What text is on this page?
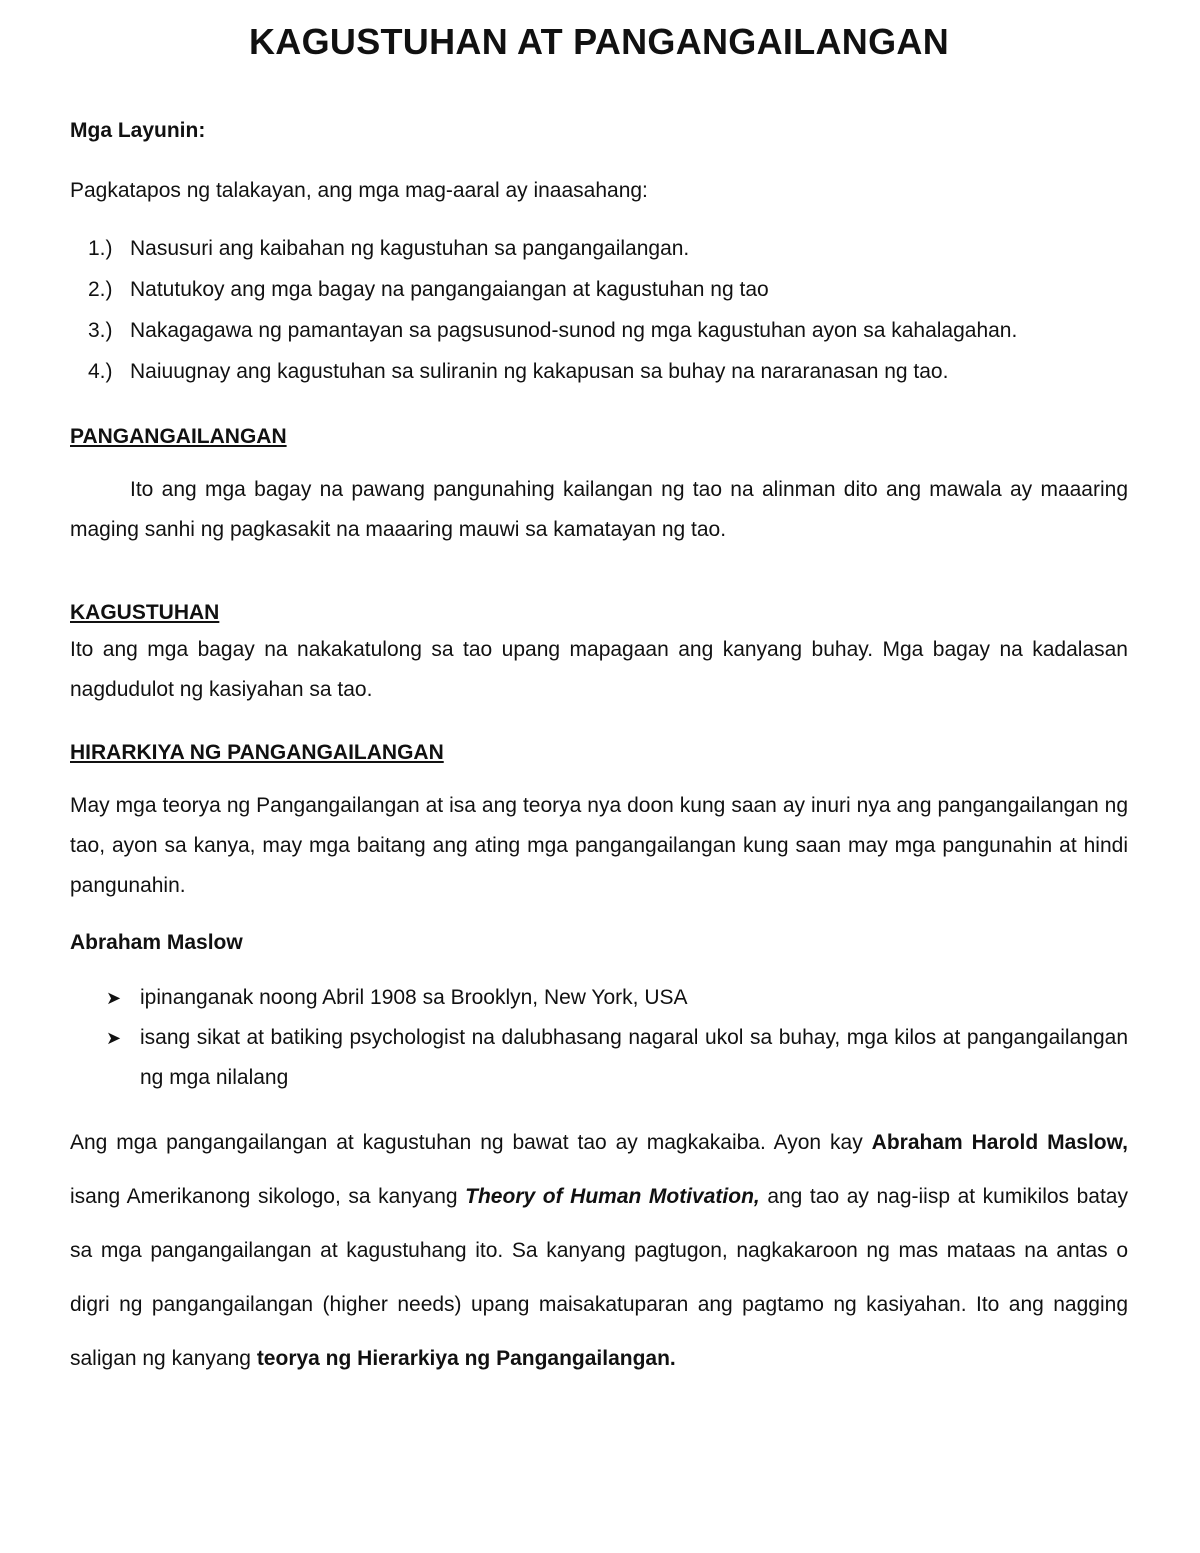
KAGUSTUHAN AT PANGANGAILANGAN

Mga Layunin:

Pagkatapos ng talakayan, ang mga mag-aaral ay inaasahang:

1.) Nasusuri ang kaibahan ng kagustuhan sa pangangailangan.
2.) Natutukoy ang mga bagay na pangangaiangan at kagustuhan ng tao
3.) Nakagagawa ng pamantayan sa pagsusunod-sunod ng mga kagustuhan ayon sa kahalagahan.
4.) Naiuugnay ang kagustuhan sa suliranin ng kakapusan sa buhay na nararanasan ng tao.

PANGANGAILANGAN

Ito ang mga bagay na pawang pangunahing kailangan ng tao na alinman dito ang mawala ay maaaring maging sanhi ng pagkasakit na maaaring mauwi sa kamatayan ng tao.

KAGUSTUHAN

Ito ang mga bagay na nakakatulong sa tao upang mapagaan ang kanyang buhay. Mga bagay na kadalasan nagdudulot ng kasiyahan sa tao.

HIRARKIYA NG PANGANGAILANGAN

May mga teorya ng Pangangailangan at isa ang teorya nya doon kung saan ay inuri nya ang pangangailangan ng tao, ayon sa kanya, may mga baitang ang ating mga pangangailangan kung saan may mga pangunahin at hindi pangunahin.

Abraham Maslow

➤ ipinanganak noong Abril 1908 sa Brooklyn, New York, USA
➤ isang sikat at batiking psychologist na dalubhasang nagaral ukol sa buhay, mga kilos at pangangailangan ng mga nilalang

Ang mga pangangailangan at kagustuhan ng bawat tao ay magkakaiba. Ayon kay Abraham Harold Maslow, isang Amerikanong sikologo, sa kanyang Theory of Human Motivation, ang tao ay nag-iisp at kumikilos batay sa mga pangangailangan at kagustuhang ito. Sa kanyang pagtugon, nagkakaroon ng mas mataas na antas o digri ng pangangailangan (higher needs) upang maisakatuparan ang pagtamo ng kasiyahan. Ito ang nagging saligan ng kanyang teorya ng Hierarkiya ng Pangangailangan.
